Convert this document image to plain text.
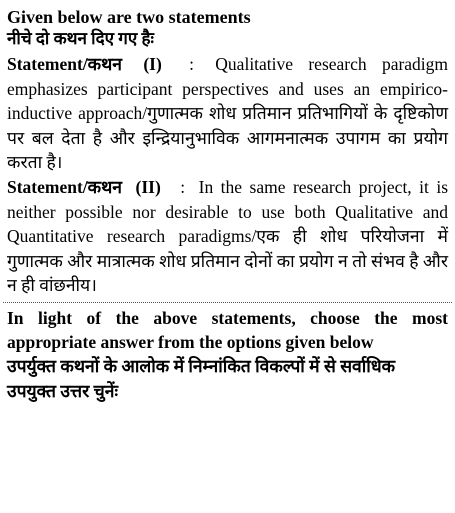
Given below are two statements

नीचे दो कथन दिए गए हैः

Statement/कथन (I) : Qualitative research paradigm emphasizes participant perspectives and uses an empirico-inductive approach/गुणात्मक शोध प्रतिमान प्रतिभागियों के दृष्टिकोण पर बल देता है और इन्द्रियानुभाविक आगमनात्मक उपागम का प्रयोग करता है।

Statement/कथन (II) : In the same research project, it is neither possible nor desirable to use both Qualitative and Quantitative research paradigms/एक ही शोध परियोजना में गुणात्मक और मात्रात्मक शोध प्रतिमान दोनों का प्रयोग न तो संभव है और न ही वांछनीय।

In light of the above statements, choose the most appropriate answer from the options given below

उपर्युक्त कथनों के आलोक में निम्नांकित विकल्पों में से सर्वाधिक उपयुक्त उत्तर चुनेंः
